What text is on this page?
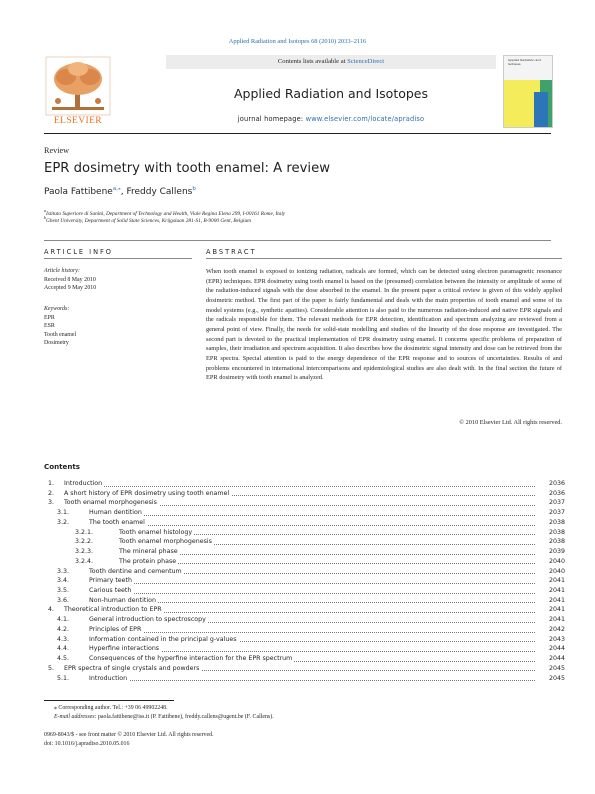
Applied Radiation and Isotopes 68 (2010) 2033–2116
ELSEVIER
Contents lists available at ScienceDirect
Applied Radiation and Isotopes
journal homepage: www.elsevier.com/locate/apradiso
Applied Radiation and Isotopes
Review
EPR dosimetry with tooth enamel: A review
Paola Fattibene$^{a,⁎}$, Freddy Callens$^b$
$^a$Istituto Superiore di Sanità, Department of Technology and Health, Viale Regina Elena 299, I-00161 Rome, Italy
$^b$Ghent University, Department of Solid State Sciences, Krijgslaan 281-S1, B-9000 Gent, Belgium
ARTICLE INFO
Article history:
Received 8 May 2010
Accepted 9 May 2010
Keywords:
EPR
ESR
Tooth enamel
Dosimetry
ABSTRACT
When tooth enamel is exposed to ionizing radiation, radicals are formed, which can be detected using electron paramagnetic resonance (EPR) techniques. EPR dosimetry using tooth enamel is based on the (presumed) correlation between the intensity or amplitude of some of the radiation-induced signals with the dose absorbed in the enamel. In the present paper a critical review is given of this widely applied dosimetric method. The first part of the paper is fairly fundamental and deals with the main properties of tooth enamel and some of its model systems (e.g., synthetic apatites). Considerable attention is also paid to the numerous radiation-induced and native EPR signals and the radicals responsible for them. The relevant methods for EPR detection, identification and spectrum analyzing are reviewed from a general point of view. Finally, the needs for solid-state modelling and studies of the linearity of the dose response are investigated. The second part is devoted to the practical implementation of EPR dosimetry using enamel. It concerns specific problems of preparation of samples, their irradiation and spectrum acquisition. It also describes how the dosimetric signal intensity and dose can be retrieved from the EPR spectra. Special attention is paid to the energy dependence of the EPR response and to sources of uncertainties. Results of and problems encountered in international intercomparisons and epidemiological studies are also dealt with. In the final section the future of EPR dosimetry with tooth enamel is analyzed.
© 2010 Elsevier Ltd. All rights reserved.
Contents
1. Introduction	2036
2. A short history of EPR dosimetry using tooth enamel	2036
3. Tooth enamel morphogenesis	2037
3.1.	Human dentition	2037
3.2.	The tooth enamel	2038
3.2.1.	Tooth enamel histology	2038
3.2.2.	Tooth enamel morphogenesis	2038
3.2.3.	The mineral phase	2039
3.2.4.	The protein phase	2040
3.3.	Tooth dentine and cementum	2040
3.4.	Primary teeth	2041
3.5.	Carious teeth	2041
3.6.	Non-human dentition	2041
4. Theoretical introduction to EPR	2041
4.1.	General introduction to spectroscopy	2041
4.2.	Principles of EPR	2042
4.3.	Information contained in the principal g-values	2043
4.4.	Hyperfine interactions	2044
4.5.	Consequences of the hyperfine interaction for the EPR spectrum	2044
5. EPR spectra of single crystals and powders	2045
5.1.	Introduction	2045
⁎ Corresponding author. Tel.: +39 06 49902248.
E-mail addresses: paola.fattibene@iss.it (P. Fattibene), freddy.callens@ugent.be (F. Callens).
0969-8043/$ - see front matter © 2010 Elsevier Ltd. All rights reserved.
doi: 10.1016/j.apradiso.2010.05.016
